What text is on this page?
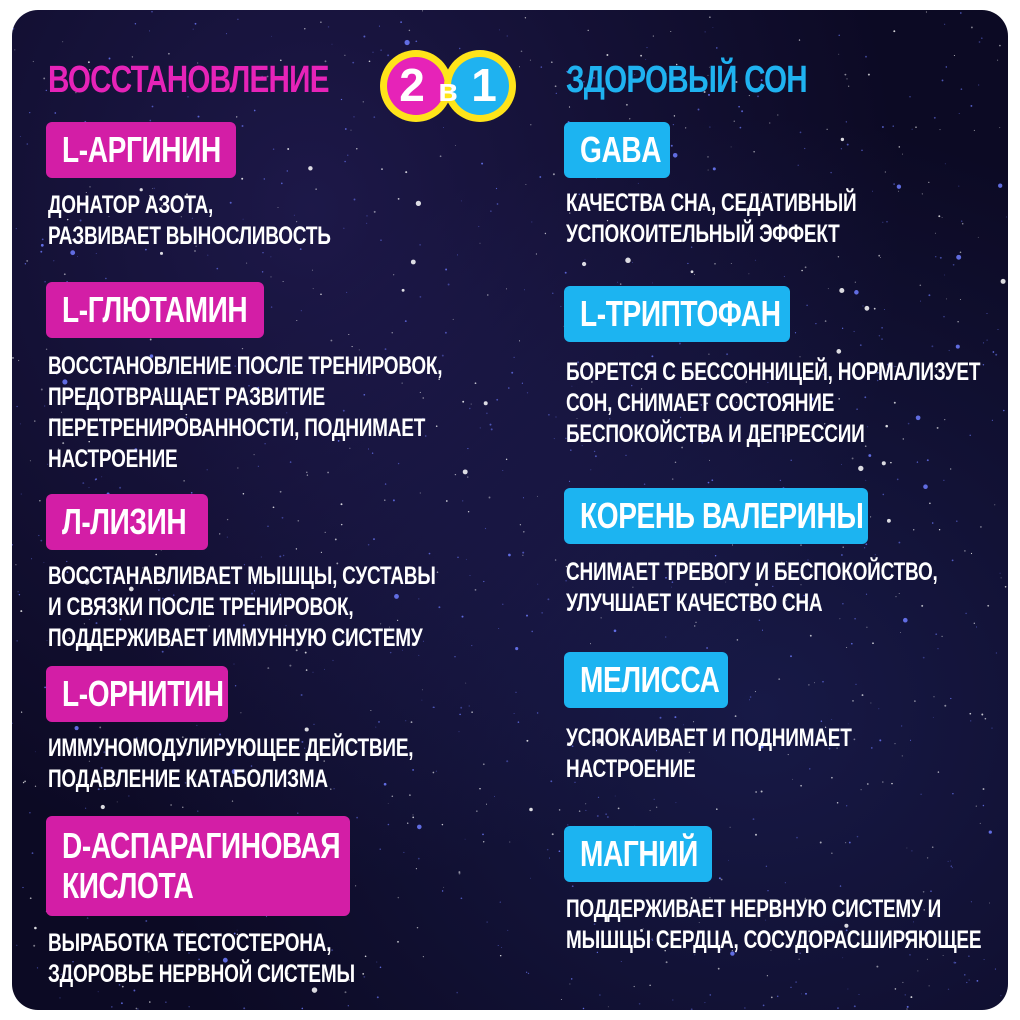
ВОССТАНОВЛЕНИЕ	ЗДОРОВЫЙ СОН
2 в 1
L-АРГИНИН
ДОНАТОР АЗОТА,
РАЗВИВАЕТ ВЫНОСЛИВОСТЬ
L-ГЛЮТАМИН
ВОССТАНОВЛЕНИЕ ПОСЛЕ ТРЕНИРОВОК,
ПРЕДОТВРАЩАЕТ РАЗВИТИЕ
ПЕРЕТРЕНИРОВАННОСТИ, ПОДНИМАЕТ
НАСТРОЕНИЕ
Л-ЛИЗИН
ВОССТАНАВЛИВАЕТ МЫШЦЫ, СУСТАВЫ
И СВЯЗКИ ПОСЛЕ ТРЕНИРОВОК,
ПОДДЕРЖИВАЕТ ИММУННУЮ СИСТЕМУ
L-ОРНИТИН
ИММУНОМОДУЛИРУЮЩЕЕ ДЕЙСТВИЕ,
ПОДАВЛЕНИЕ КАТАБОЛИЗМА
D-АСПАРАГИНОВАЯ
КИСЛОТА
ВЫРАБОТКА ТЕСТОСТЕРОНА,
ЗДОРОВЬЕ НЕРВНОЙ СИСТЕМЫ
GABA
КАЧЕСТВА СНА, СЕДАТИВНЫЙ
УСПОКОИТЕЛЬНЫЙ ЭФФЕКТ
L-ТРИПТОФАН
БОРЕТСЯ С БЕССОННИЦЕЙ, НОРМАЛИЗУЕТ
СОН, СНИМАЕТ СОСТОЯНИЕ
БЕСПОКОЙСТВА И ДЕПРЕССИИ
КОРЕНЬ ВАЛЕРИНЫ
СНИМАЕТ ТРЕВОГУ И БЕСПОКОЙСТВО,
УЛУЧШАЕТ КАЧЕСТВО СНА
МЕЛИССА
УСПОКАИВАЕТ И ПОДНИМАЕТ
НАСТРОЕНИЕ
МАГНИЙ
ПОДДЕРЖИВАЕТ НЕРВНУЮ СИСТЕМУ И
МЫШЦЫ СЕРДЦА, СОСУДОРАСШИРЯЮЩЕЕ
